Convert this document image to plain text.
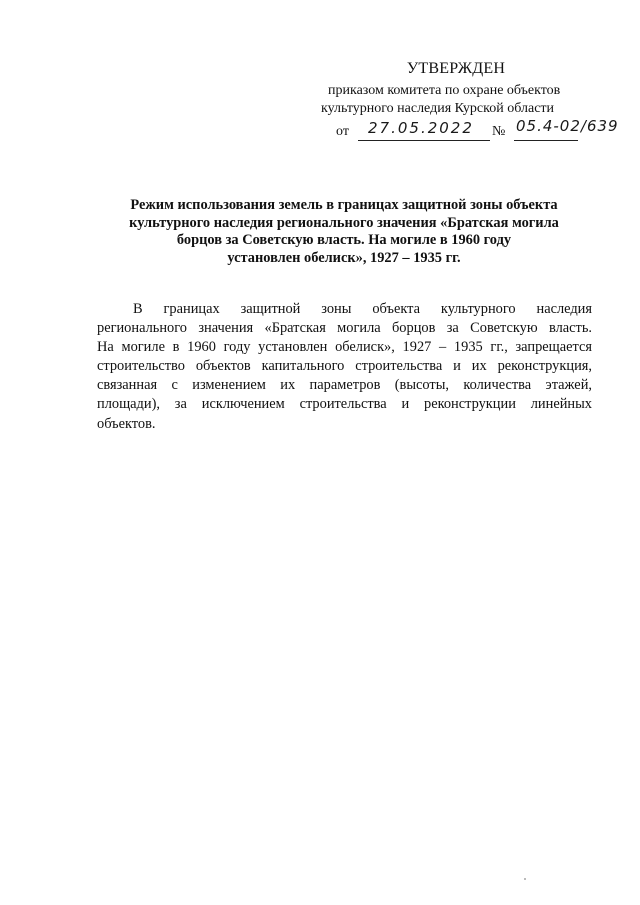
УТВЕРЖДЕН
приказом комитета по охране объектов
культурного наследия Курской области
от 27.05.2022 № 05.4-02/639
Режим использования земель в границах защитной зоны объекта
культурного наследия регионального значения «Братская могила
борцов за Советскую власть. На могиле в 1960 году
установлен обелиск», 1927 – 1935 гг.
В границах защитной зоны объекта культурного наследия
регионального значения «Братская могила борцов за Советскую власть.
На могиле в 1960 году установлен обелиск», 1927 – 1935 гг., запрещается
строительство объектов капитального строительства и их реконструкция,
связанная с изменением их параметров (высоты, количества этажей,
площади), за исключением строительства и реконструкции линейных
объектов.
